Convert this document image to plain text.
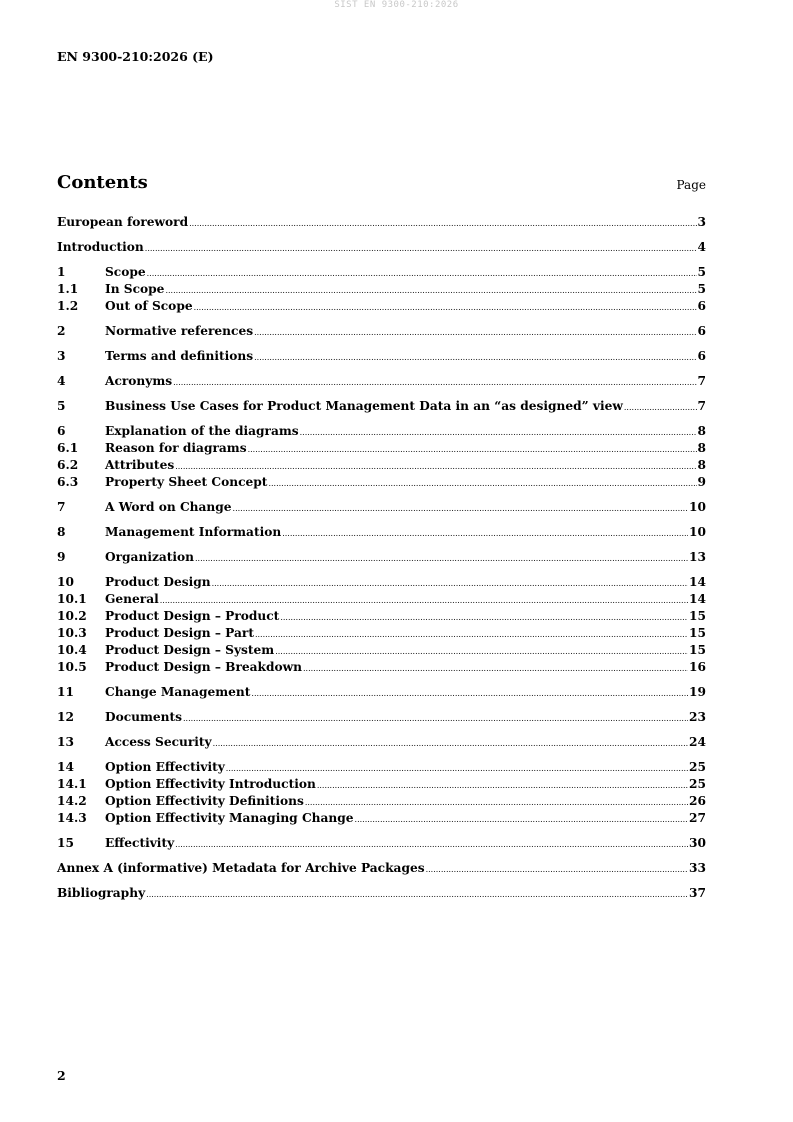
SIST EN 9300-210:2026
EN 9300-210:2026 (E)
Contents	Page
European foreword .....	3
Introduction .....	4
1	Scope .....	5
1.1	In Scope .....	5
1.2	Out of Scope .....	6
2	Normative references .....	6
3	Terms and definitions .....	6
4	Acronyms .....	7
5	Business Use Cases for Product Management Data in an “as designed” view .....	7
6	Explanation of the diagrams .....	8
6.1	Reason for diagrams .....	8
6.2	Attributes .....	8
6.3	Property Sheet Concept .....	9
7	A Word on Change .....	10
8	Management Information .....	10
9	Organization .....	13
10	Product Design .....	14
10.1	General .....	14
10.2	Product Design – Product .....	15
10.3	Product Design – Part .....	15
10.4	Product Design – System .....	15
10.5	Product Design – Breakdown .....	16
11	Change Management .....	19
12	Documents .....	23
13	Access Security .....	24
14	Option Effectivity .....	25
14.1	Option Effectivity Introduction .....	25
14.2	Option Effectivity Definitions .....	26
14.3	Option Effectivity Managing Change .....	27
15	Effectivity .....	30
Annex A (informative) Metadata for Archive Packages .....	33
Bibliography .....	37
2
